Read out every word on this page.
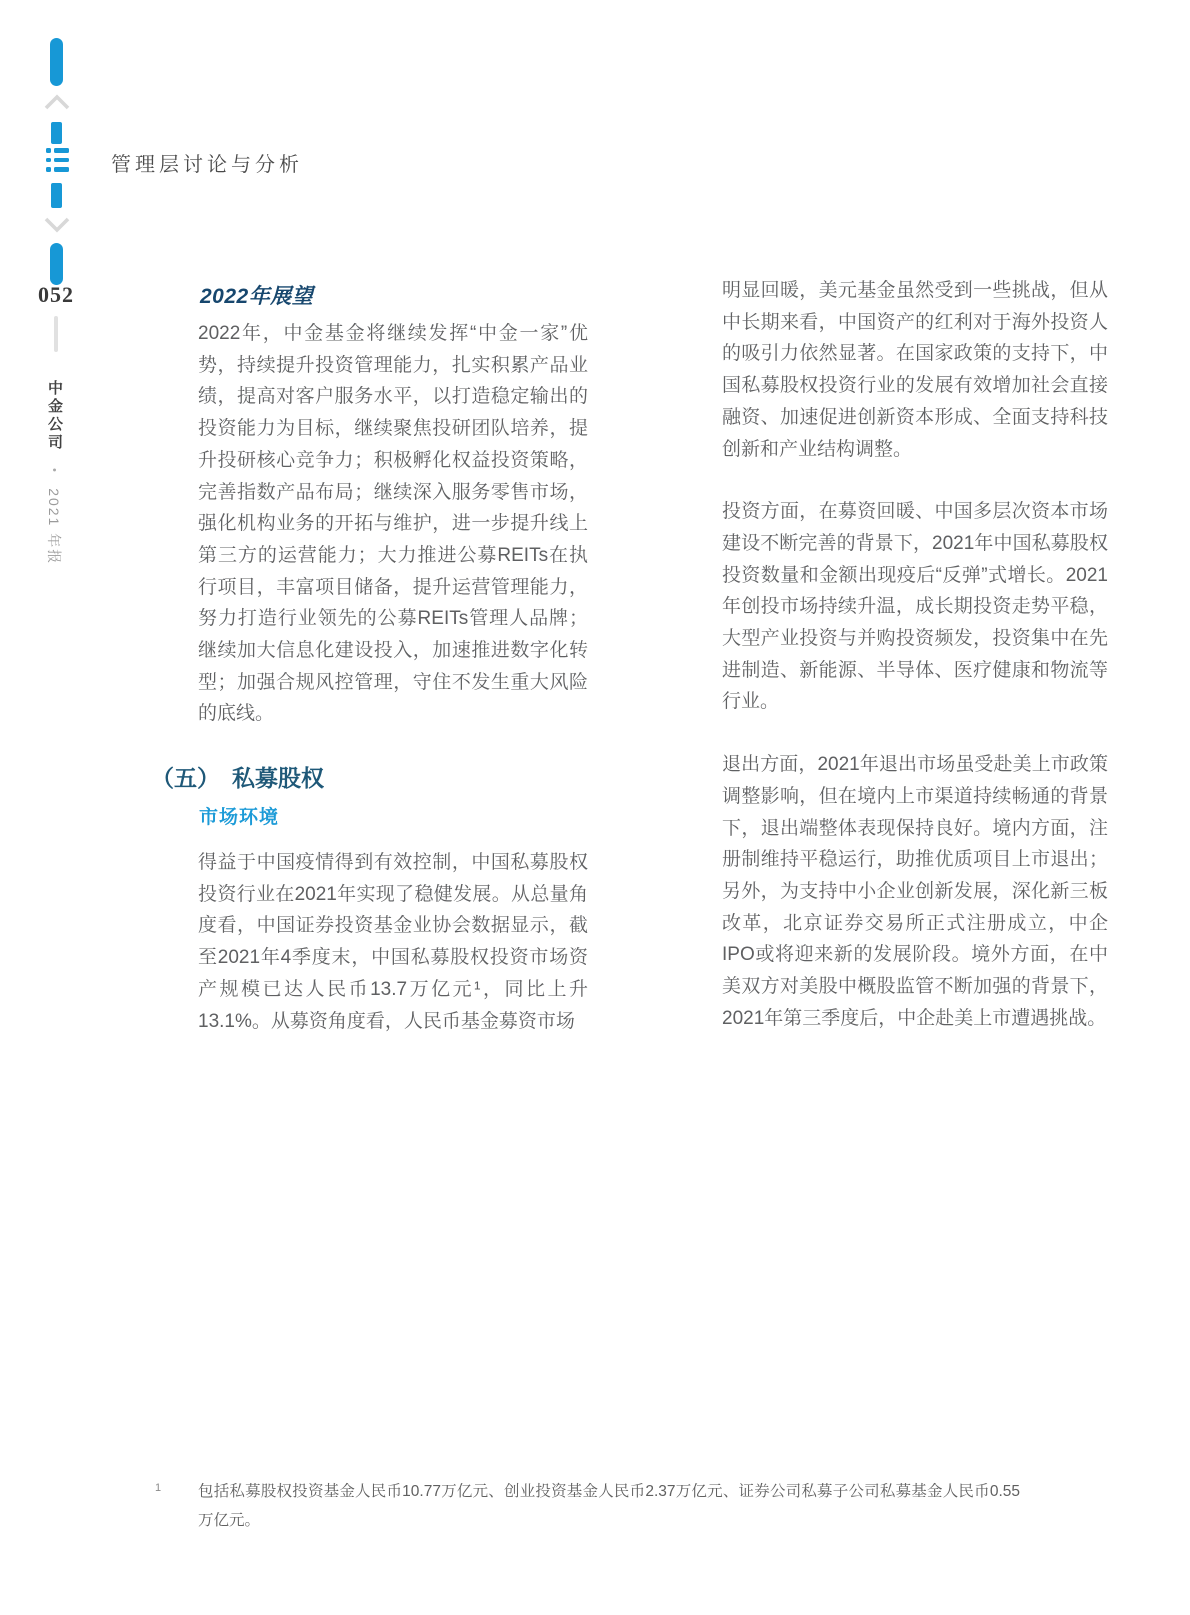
052
中金公司 • 2021 年报
管理层讨论与分析
2022年展望
2022年，中金基金将继续发挥“中金一家”优势，持续提升投资管理能力，扎实积累产品业绩，提高对客户服务水平，以打造稳定输出的投资能力为目标，继续聚焦投研团队培养，提升投研核心竞争力；积极孵化权益投资策略，完善指数产品布局；继续深入服务零售市场，强化机构业务的开拓与维护，进一步提升线上第三方的运营能力；大力推进公募REITs在执行项目，丰富项目储备，提升运营管理能力，努力打造行业领先的公募REITs管理人品牌；继续加大信息化建设投入，加速推进数字化转型；加强合规风控管理，守住不发生重大风险的底线。
（五） 私募股权
市场环境
得益于中国疫情得到有效控制，中国私募股权投资行业在2021年实现了稳健发展。从总量角度看，中国证券投资基金业协会数据显示，截至2021年4季度末，中国私募股权投资市场资产规模已达人民币13.7万亿元¹，同比上升13.1%。从募资角度看，人民币基金募资市场

明显回暖，美元基金虽然受到一些挑战，但从中长期来看，中国资产的红利对于海外投资人的吸引力依然显著。在国家政策的支持下，中国私募股权投资行业的发展有效增加社会直接融资、加速促进创新资本形成、全面支持科技创新和产业结构调整。

投资方面，在募资回暖、中国多层次资本市场建设不断完善的背景下，2021年中国私募股权投资数量和金额出现疫后“反弹”式增长。2021年创投市场持续升温，成长期投资走势平稳，大型产业投资与并购投资频发，投资集中在先进制造、新能源、半导体、医疗健康和物流等行业。

退出方面，2021年退出市场虽受赴美上市政策调整影响，但在境内上市渠道持续畅通的背景下，退出端整体表现保持良好。境内方面，注册制维持平稳运行，助推优质项目上市退出；另外，为支持中小企业创新发展，深化新三板改革，北京证券交易所正式注册成立，中企IPO或将迎来新的发展阶段。境外方面，在中美双方对美股中概股监管不断加强的背景下，2021年第三季度后，中企赴美上市遭遇挑战。

1 包括私募股权投资基金人民币10.77万亿元、创业投资基金人民币2.37万亿元、证券公司私募子公司私募基金人民币0.55万亿元。
